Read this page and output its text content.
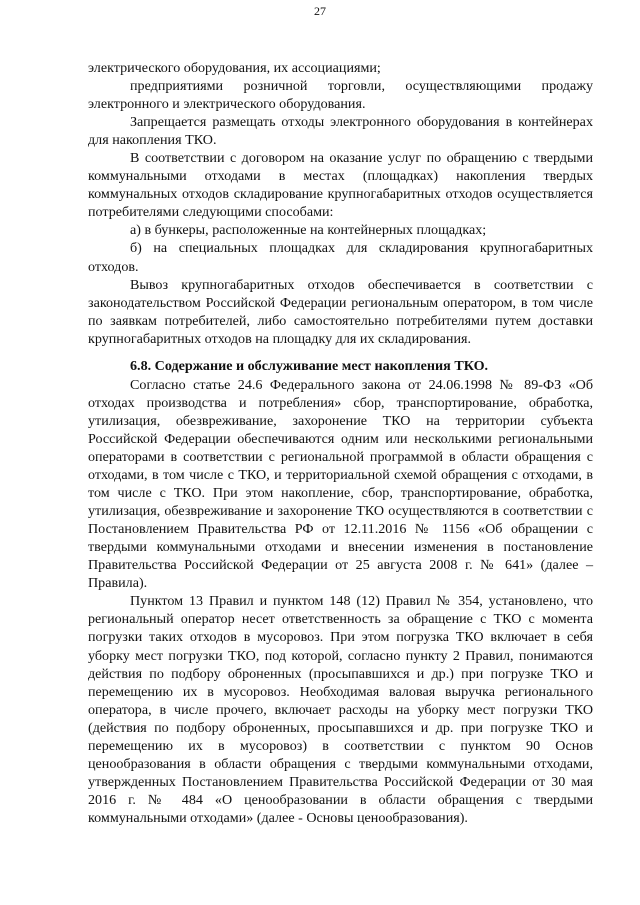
27

электрического оборудования, их ассоциациями;

предприятиями розничной торговли, осуществляющими продажу электронного и электрического оборудования.

Запрещается размещать отходы электронного оборудования в контейнерах для накопления ТКО.

В соответствии с договором на оказание услуг по обращению с твердыми коммунальными отходами в местах (площадках) накопления твердых коммунальных отходов складирование крупногабаритных отходов осуществляется потребителями следующими способами:

а) в бункеры, расположенные на контейнерных площадках;

б) на специальных площадках для складирования крупногабаритных отходов.

Вывоз крупногабаритных отходов обеспечивается в соответствии с законодательством Российской Федерации региональным оператором, в том числе по заявкам потребителей, либо самостоятельно потребителями путем доставки крупногабаритных отходов на площадку для их складирования.

6.8. Содержание и обслуживание мест накопления ТКО.

Согласно статье 24.6 Федерального закона от 24.06.1998 № 89-ФЗ «Об отходах производства и потребления» сбор, транспортирование, обработка, утилизация, обезвреживание, захоронение ТКО на территории субъекта Российской Федерации обеспечиваются одним или несколькими региональными операторами в соответствии с региональной программой в области обращения с отходами, в том числе с ТКО, и территориальной схемой обращения с отходами, в том числе с ТКО. При этом накопление, сбор, транспортирование, обработка, утилизация, обезвреживание и захоронение ТКО осуществляются в соответствии с Постановлением Правительства РФ от 12.11.2016 № 1156 «Об обращении с твердыми коммунальными отходами и внесении изменения в постановление Правительства Российской Федерации от 25 августа 2008 г. № 641» (далее – Правила).

Пунктом 13 Правил и пунктом 148 (12) Правил № 354, установлено, что региональный оператор несет ответственность за обращение с ТКО с момента погрузки таких отходов в мусоровоз. При этом погрузка ТКО включает в себя уборку мест погрузки ТКО, под которой, согласно пункту 2 Правил, понимаются действия по подбору оброненных (просыпавшихся и др.) при погрузке ТКО и перемещению их в мусоровоз. Необходимая валовая выручка регионального оператора, в числе прочего, включает расходы на уборку мест погрузки ТКО (действия по подбору оброненных, просыпавшихся и др. при погрузке ТКО и перемещению их в мусоровоз) в соответствии с пунктом 90 Основ ценообразования в области обращения с твердыми коммунальными отходами, утвержденных Постановлением Правительства Российской Федерации от 30 мая 2016 г. № 484 «О ценообразовании в области обращения с твердыми коммунальными отходами» (далее - Основы ценообразования).
